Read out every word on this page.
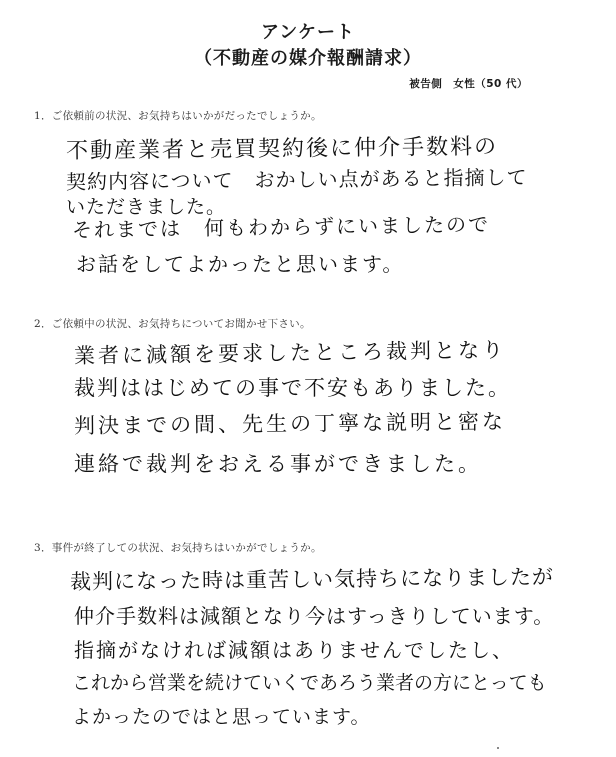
アンケート
（不動産の媒介報酬請求）
被告側　女性（50 代）
1．ご依頼前の状況、お気持ちはいかがだったでしょうか。
不動産業者と売買契約後に仲介手数料の
契約内容について　おかしい点があると指摘して
いただきました。
それまでは　何もわからずにいましたので
お話をしてよかったと思います。
2．ご依頼中の状況、お気持ちについてお聞かせ下さい。
業者に減額を要求したところ裁判となり
裁判ははじめての事で不安もありました。
判決までの間、先生の丁寧な説明と密な
連絡で裁判をおえる事ができました。
3．事件が終了しての状況、お気持ちはいかがでしょうか。
裁判になった時は重苦しい気持ちになりましたが
仲介手数料は減額となり今はすっきりしています。
指摘がなければ減額はありませんでしたし、
これから営業を続けていくであろう業者の方にとっても
よかったのではと思っています。
